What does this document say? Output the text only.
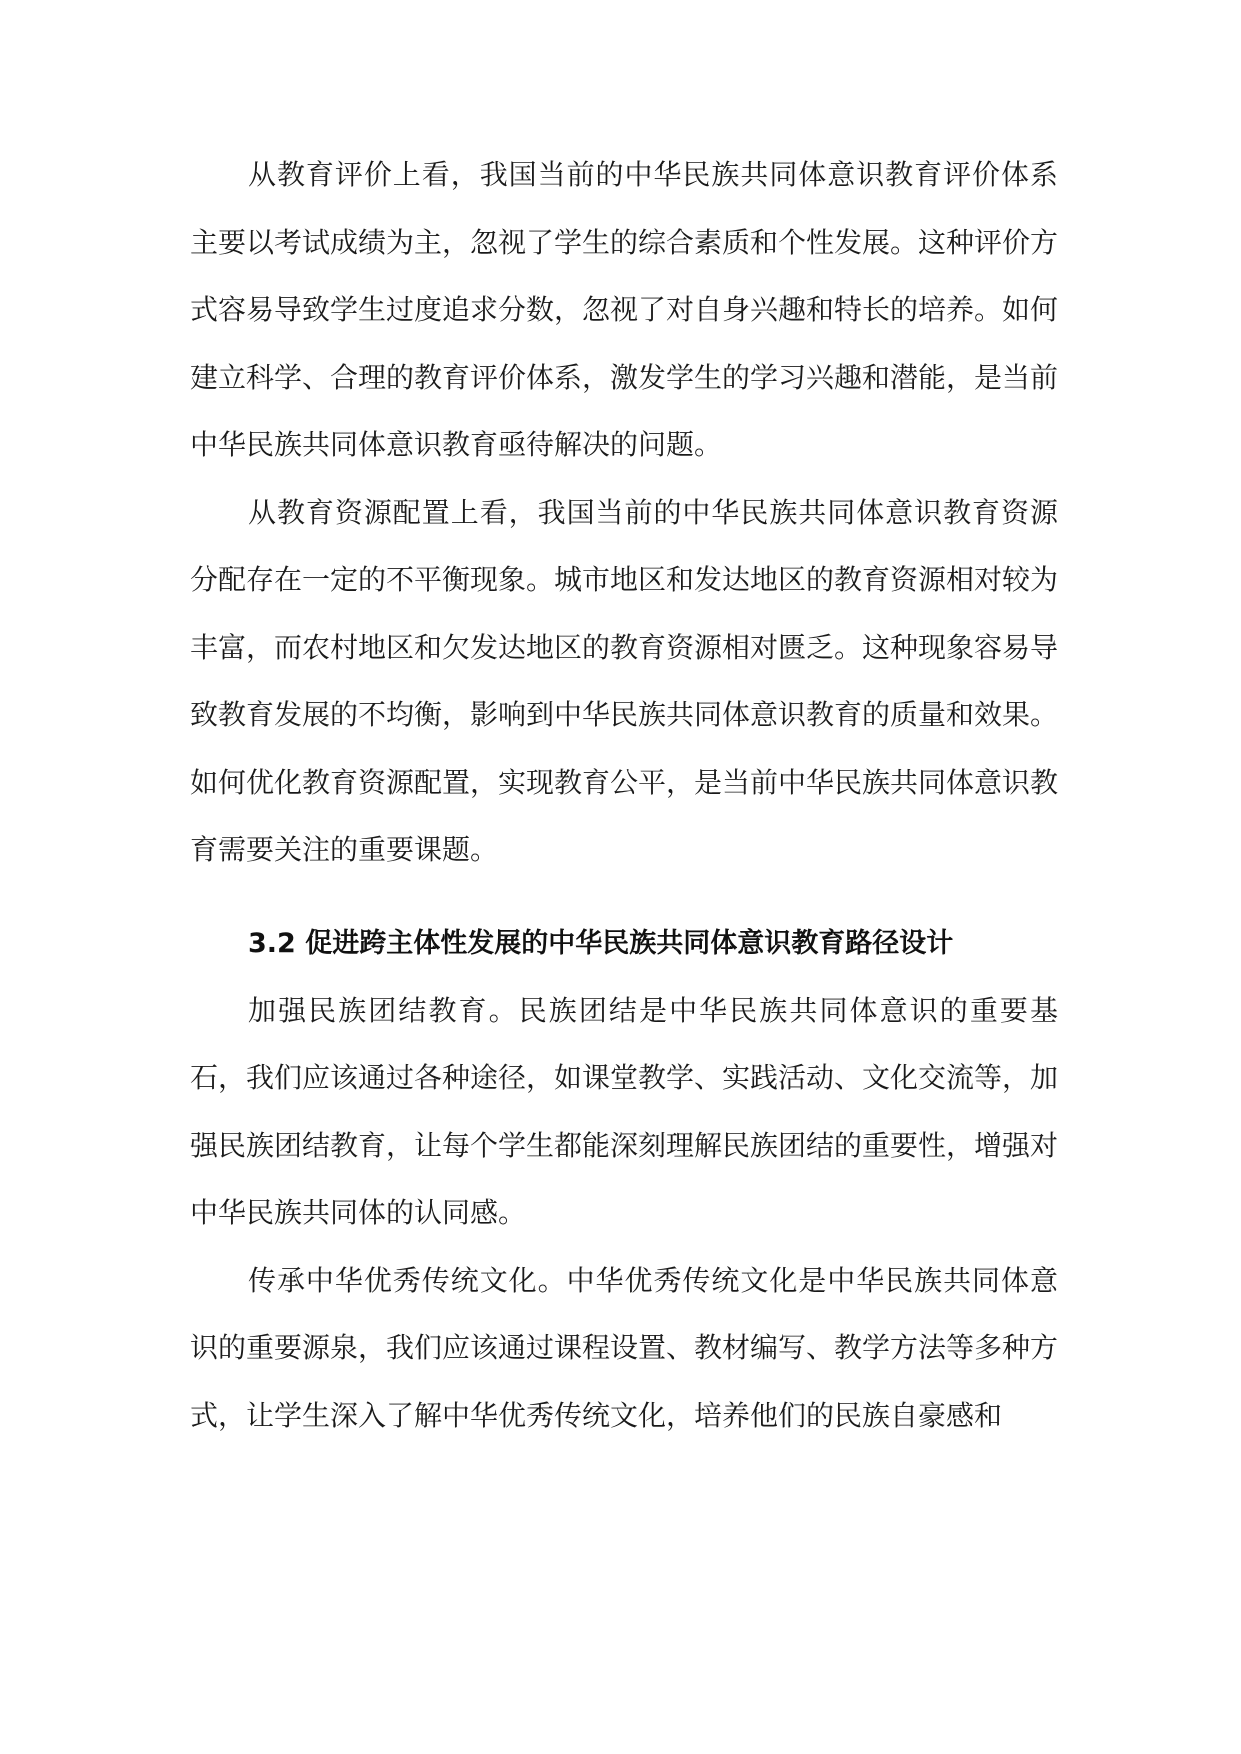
从教育评价上看，我国当前的中华民族共同体意识教育评价体系主要以考试成绩为主，忽视了学生的综合素质和个性发展。这种评价方式容易导致学生过度追求分数，忽视了对自身兴趣和特长的培养。如何建立科学、合理的教育评价体系，激发学生的学习兴趣和潜能，是当前中华民族共同体意识教育亟待解决的问题。

从教育资源配置上看，我国当前的中华民族共同体意识教育资源分配存在一定的不平衡现象。城市地区和发达地区的教育资源相对较为丰富，而农村地区和欠发达地区的教育资源相对匮乏。这种现象容易导致教育发展的不均衡，影响到中华民族共同体意识教育的质量和效果。如何优化教育资源配置，实现教育公平，是当前中华民族共同体意识教育需要关注的重要课题。

3.2 促进跨主体性发展的中华民族共同体意识教育路径设计

加强民族团结教育。民族团结是中华民族共同体意识的重要基石，我们应该通过各种途径，如课堂教学、实践活动、文化交流等，加强民族团结教育，让每个学生都能深刻理解民族团结的重要性，增强对中华民族共同体的认同感。

传承中华优秀传统文化。中华优秀传统文化是中华民族共同体意识的重要源泉，我们应该通过课程设置、教材编写、教学方法等多种方式，让学生深入了解中华优秀传统文化，培养他们的民族自豪感和
